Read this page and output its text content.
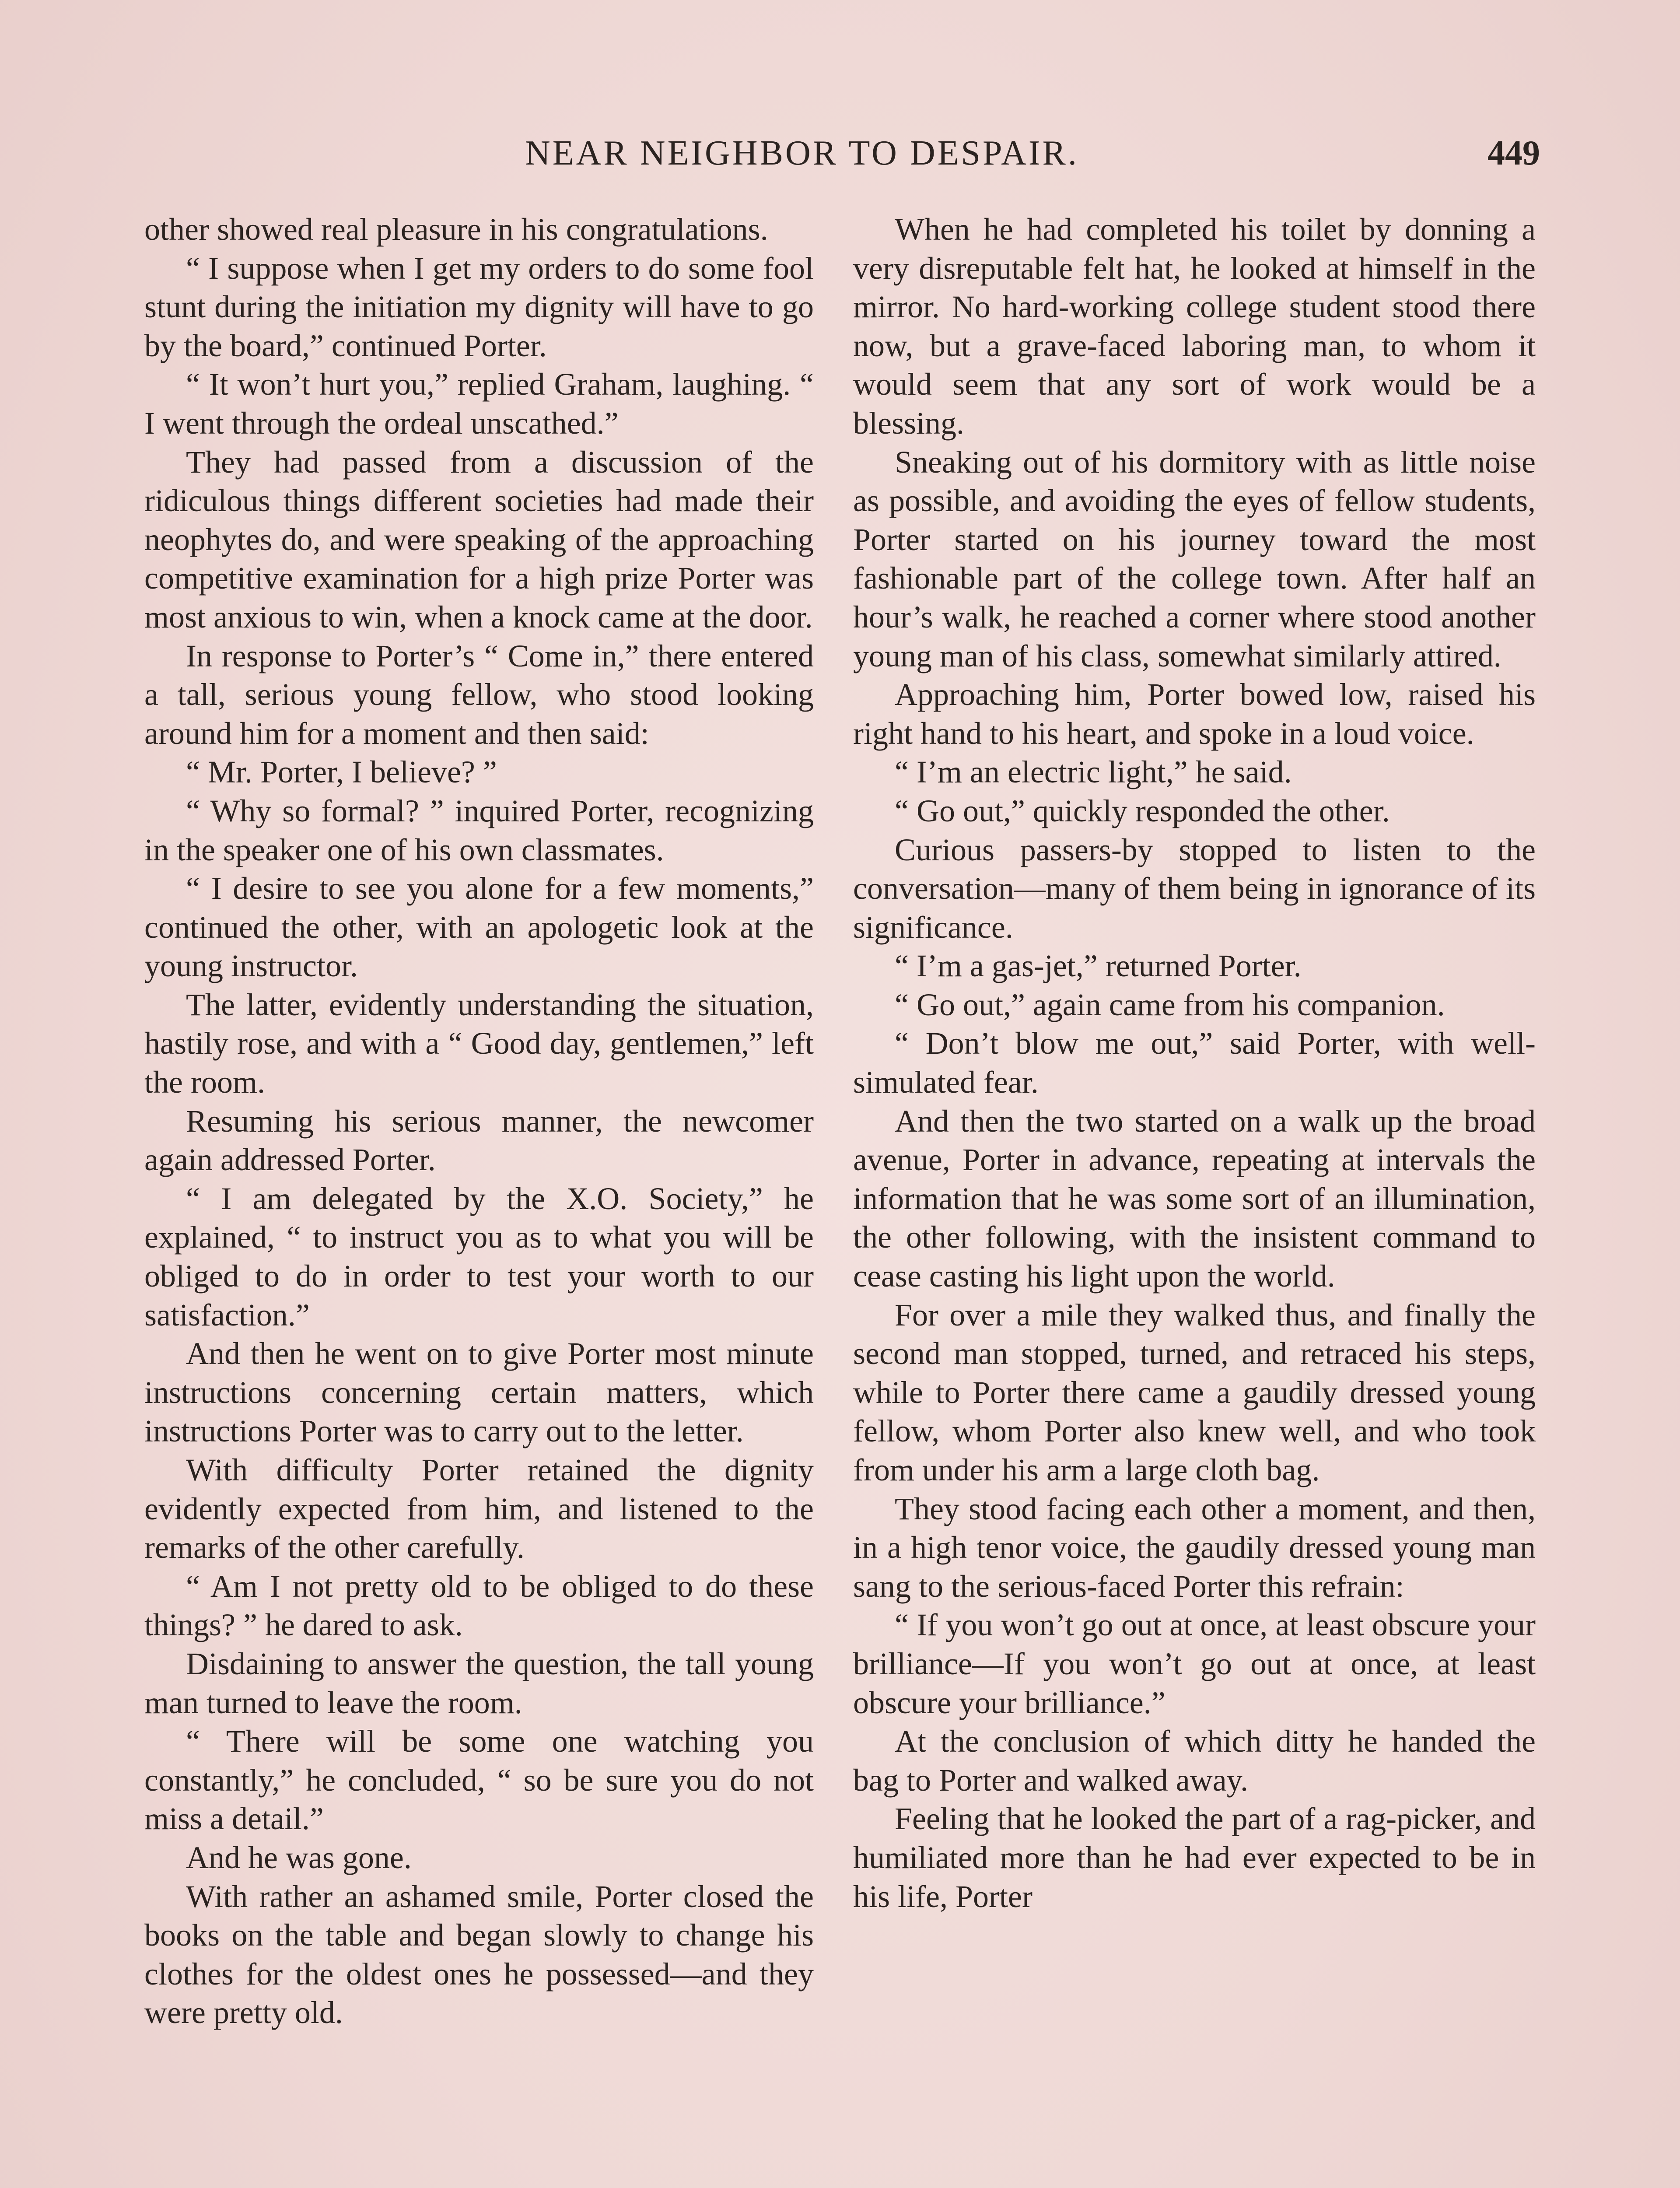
NEAR NEIGHBOR TO DESPAIR.	449

other showed real pleasure in his congratulations.

“ I suppose when I get my orders to do some fool stunt during the initiation my dignity will have to go by the board,” continued Porter.

“ It won’t hurt you,” replied Graham, laughing. “ I went through the ordeal unscathed.”

They had passed from a discussion of the ridiculous things different societies had made their neophytes do, and were speaking of the approaching competitive examination for a high prize Porter was most anxious to win, when a knock came at the door.

In response to Porter’s “ Come in,” there entered a tall, serious young fellow, who stood looking around him for a moment and then said:

“ Mr. Porter, I believe? ”

“ Why so formal? ” inquired Porter, recognizing in the speaker one of his own classmates.

“ I desire to see you alone for a few moments,” continued the other, with an apologetic look at the young instructor.

The latter, evidently understanding the situation, hastily rose, and with a “ Good day, gentlemen,” left the room.

Resuming his serious manner, the newcomer again addressed Porter.

“ I am delegated by the X.O. Society,” he explained, “ to instruct you as to what you will be obliged to do in order to test your worth to our satisfaction.”

And then he went on to give Porter most minute instructions concerning certain matters, which instructions Porter was to carry out to the letter.

With difficulty Porter retained the dignity evidently expected from him, and listened to the remarks of the other carefully.

“ Am I not pretty old to be obliged to do these things? ” he dared to ask.

Disdaining to answer the question, the tall young man turned to leave the room.

“ There will be some one watching you constantly,” he concluded, “ so be sure you do not miss a detail.”

And he was gone.

With rather an ashamed smile, Porter closed the books on the table and began slowly to change his clothes for the oldest ones he possessed—and they were pretty old.

When he had completed his toilet by donning a very disreputable felt hat, he looked at himself in the mirror. No hard-working college student stood there now, but a grave-faced laboring man, to whom it would seem that any sort of work would be a blessing.

Sneaking out of his dormitory with as little noise as possible, and avoiding the eyes of fellow students, Porter started on his journey toward the most fashionable part of the college town. After half an hour’s walk, he reached a corner where stood another young man of his class, somewhat similarly attired.

Approaching him, Porter bowed low, raised his right hand to his heart, and spoke in a loud voice.

“ I’m an electric light,” he said.

“ Go out,” quickly responded the other.

Curious passers-by stopped to listen to the conversation—many of them being in ignorance of its significance.

“ I’m a gas-jet,” returned Porter.

“ Go out,” again came from his companion.

“ Don’t blow me out,” said Porter, with well-simulated fear.

And then the two started on a walk up the broad avenue, Porter in advance, repeating at intervals the information that he was some sort of an illumination, the other following, with the insistent command to cease casting his light upon the world.

For over a mile they walked thus, and finally the second man stopped, turned, and retraced his steps, while to Porter there came a gaudily dressed young fellow, whom Porter also knew well, and who took from under his arm a large cloth bag.

They stood facing each other a moment, and then, in a high tenor voice, the gaudily dressed young man sang to the serious-faced Porter this refrain:

“ If you won’t go out at once, at least obscure your brilliance—If you won’t go out at once, at least obscure your brilliance.”

At the conclusion of which ditty he handed the bag to Porter and walked away.

Feeling that he looked the part of a rag-picker, and humiliated more than he had ever expected to be in his life, Porter
